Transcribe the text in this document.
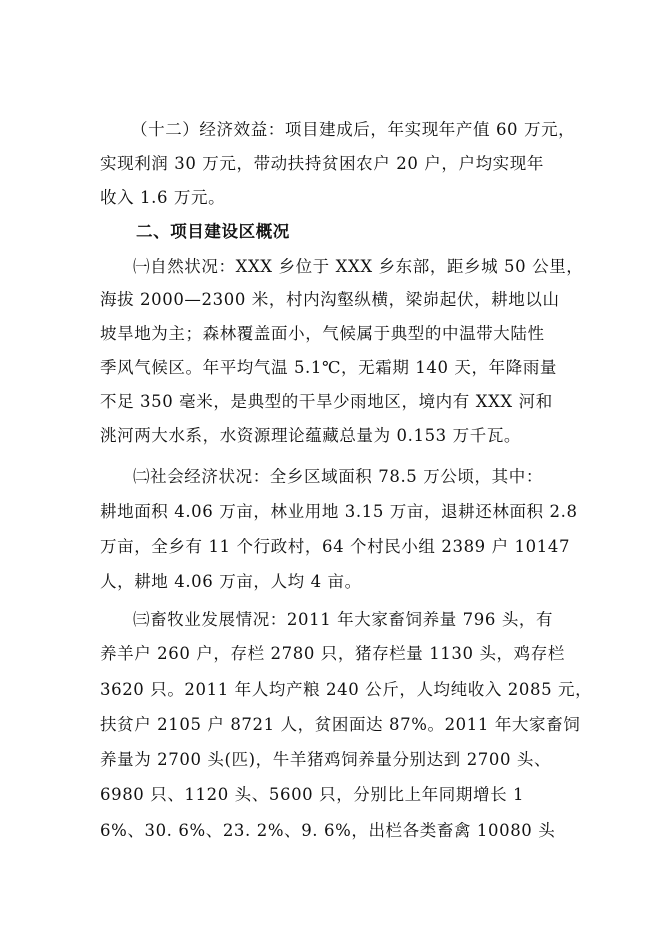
（十二）经济效益：项目建成后，年实现年产值 60 万元，
实现利润 30 万元，带动扶持贫困农户 20 户，户均实现年
收入 1.6 万元。
二、项目建设区概况
㈠自然状况：XXX 乡位于 XXX 乡东部，距乡城 50 公里，
海拔 2000—2300 米，村内沟壑纵横，梁峁起伏，耕地以山
坡旱地为主；森林覆盖面小，气候属于典型的中温带大陆性
季风气候区。年平均气温 5.1℃，无霜期 140 天，年降雨量
不足 350 毫米，是典型的干旱少雨地区，境内有 XXX 河和
洮河两大水系，水资源理论蕴藏总量为 0.153 万千瓦。
㈡社会经济状况：全乡区域面积 78.5 万公顷，其中：
耕地面积 4.06 万亩，林业用地 3.15 万亩，退耕还林面积 2.8
万亩，全乡有 11 个行政村，64 个村民小组 2389 户 10147
人，耕地 4.06 万亩，人均 4 亩。
㈢畜牧业发展情况：2011 年大家畜饲养量 796 头，有
养羊户 260 户，存栏 2780 只，猪存栏量 1130 头，鸡存栏
3620 只。2011 年人均产粮 240 公斤，人均纯收入 2085 元，
扶贫户 2105 户 8721 人，贫困面达 87%。2011 年大家畜饲
养量为 2700 头(匹)，牛羊猪鸡饲养量分别达到 2700 头、
6980 只、1120 头、5600 只，分别比上年同期增长 1
6%、30. 6%、23. 2%、9. 6%，出栏各类畜禽 10080 头
